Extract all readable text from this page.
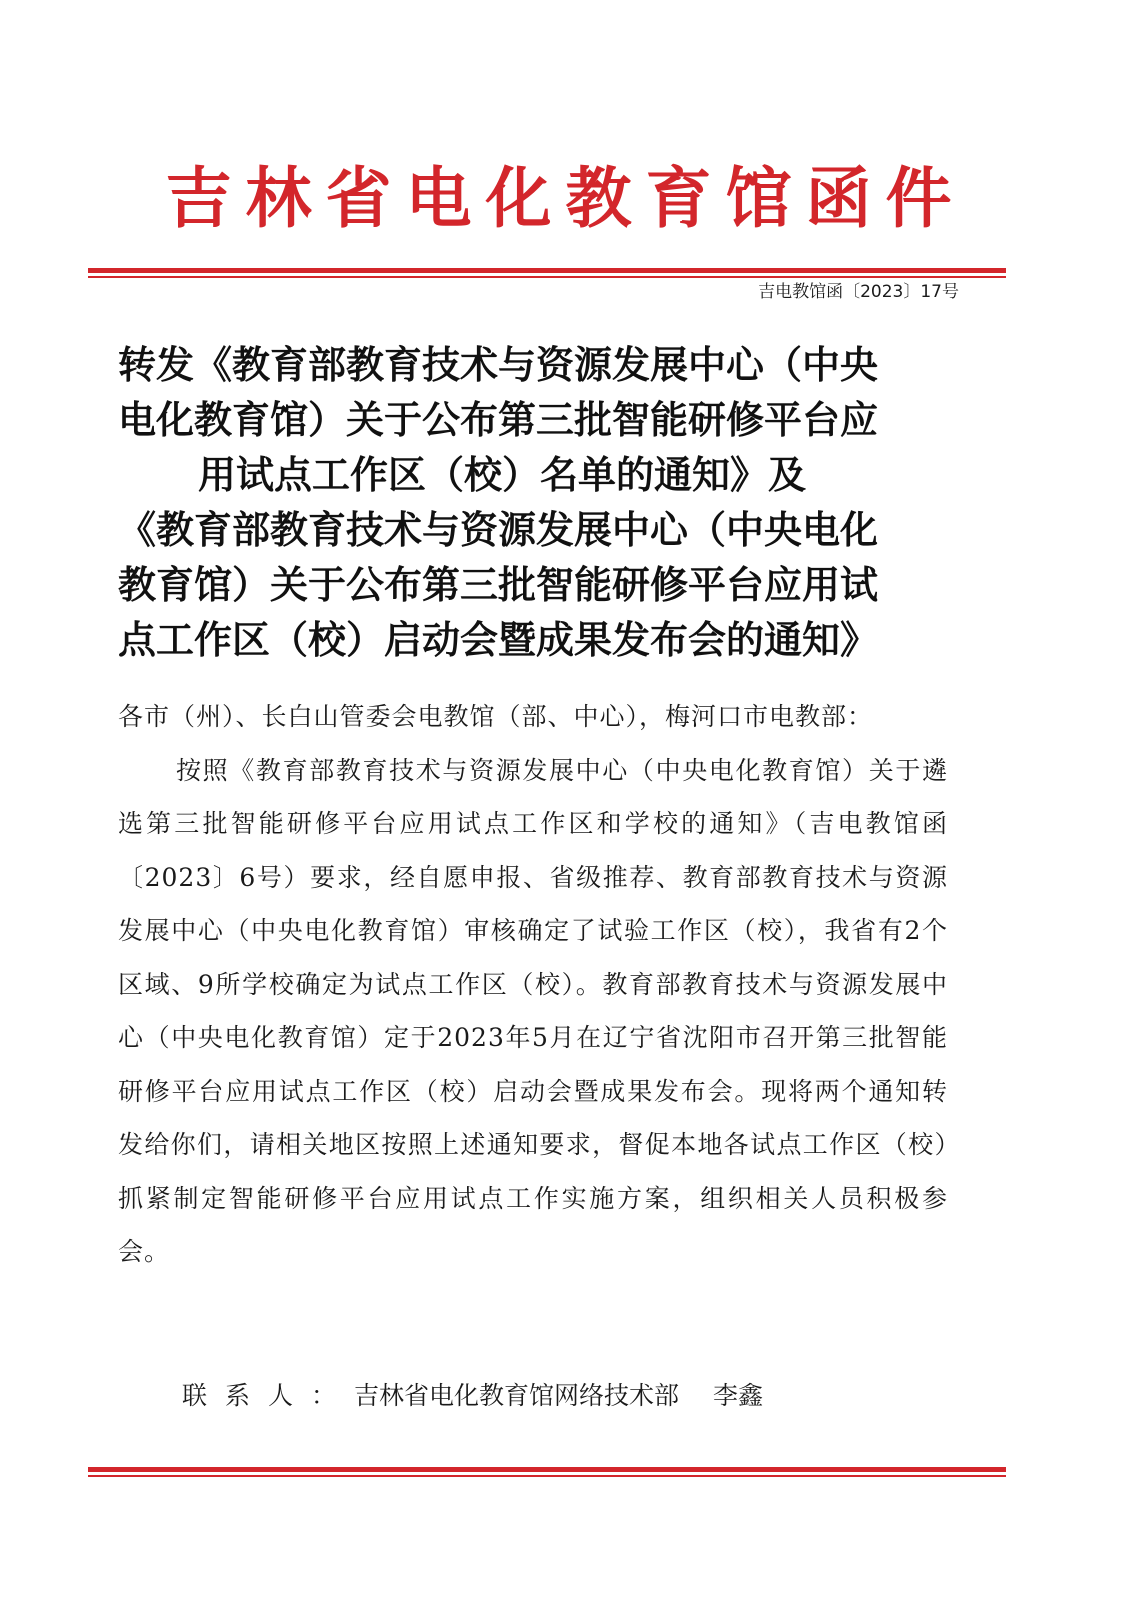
吉林省电化教育馆函件
吉电教馆函〔2023〕17号
转发《教育部教育技术与资源发展中心（中央
电化教育馆）关于公布第三批智能研修平台应
用试点工作区（校）名单的通知》及
《教育部教育技术与资源发展中心（中央电化
教育馆）关于公布第三批智能研修平台应用试
点工作区（校）启动会暨成果发布会的通知》
各市（州）、长白山管委会电教馆（部、中心），梅河口市电教部：
按照《教育部教育技术与资源发展中心（中央电化教育馆）关于遴选第三批智能研修平台应用试点工作区和学校的通知》（吉电教馆函〔2023〕6号）要求，经自愿申报、省级推荐、教育部教育技术与资源发展中心（中央电化教育馆）审核确定了试验工作区（校），我省有2个区域、9所学校确定为试点工作区（校）。教育部教育技术与资源发展中心（中央电化教育馆）定于2023年5月在辽宁省沈阳市召开第三批智能研修平台应用试点工作区（校）启动会暨成果发布会。现将两个通知转发给你们，请相关地区按照上述通知要求，督促本地各试点工作区（校）抓紧制定智能研修平台应用试点工作实施方案，组织相关人员积极参会。
联系人：吉林省电化教育馆网络技术部 李鑫
